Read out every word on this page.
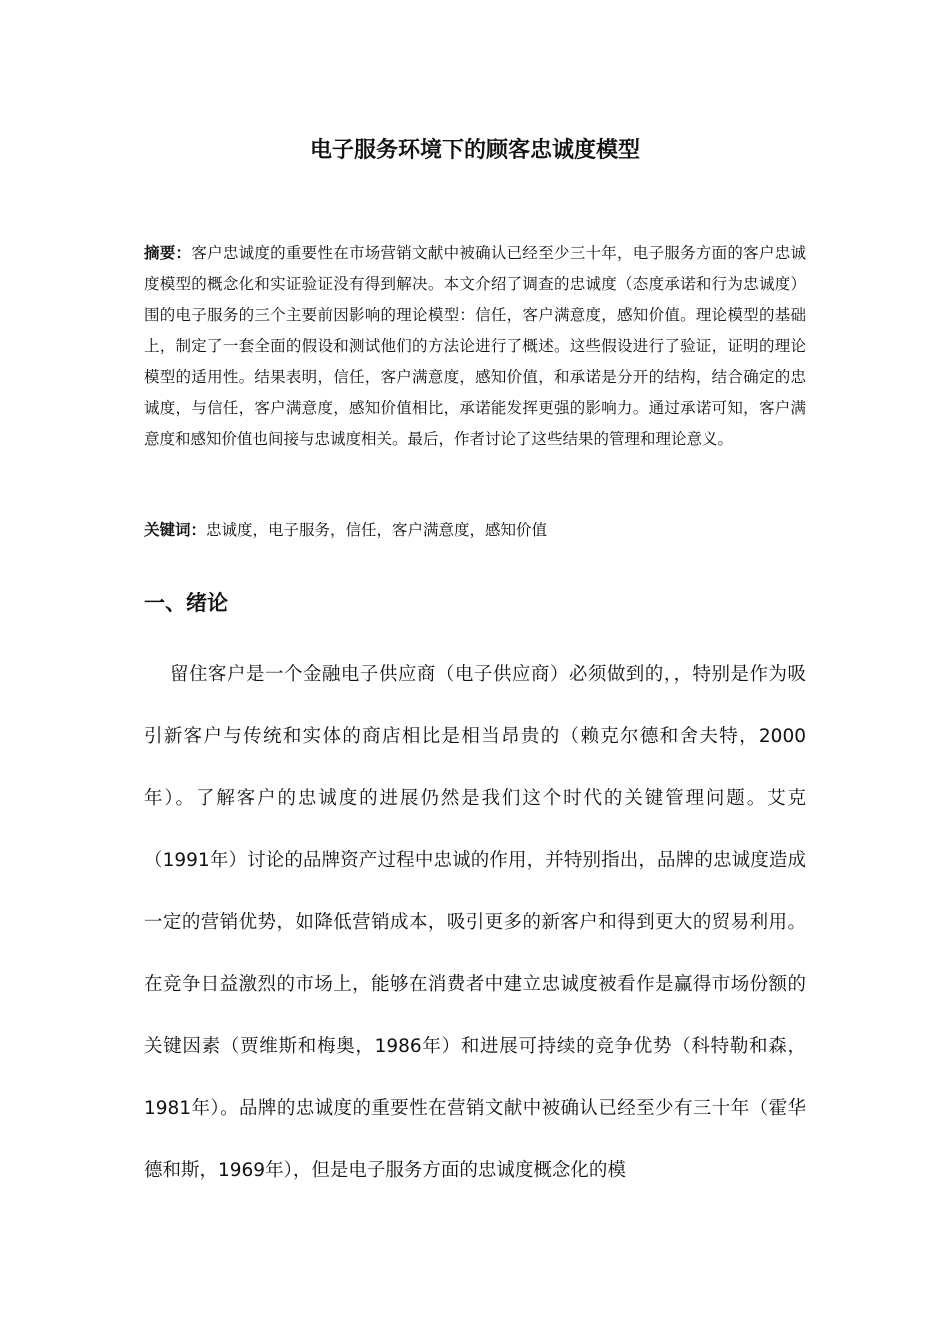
电子服务环境下的顾客忠诚度模型

摘要：客户忠诚度的重要性在市场营销文献中被确认已经至少三十年，电子服务方面的客户忠诚度模型的概念化和实证验证没有得到解决。本文介绍了调查的忠诚度（态度承诺和行为忠诚度）围的电子服务的三个主要前因影响的理论模型：信任，客户满意度，感知价值。理论模型的基础上，制定了一套全面的假设和测试他们的方法论进行了概述。这些假设进行了验证，证明的理论模型的适用性。结果表明，信任，客户满意度，感知价值，和承诺是分开的结构，结合确定的忠诚度，与信任，客户满意度，感知价值相比，承诺能发挥更强的影响力。通过承诺可知，客户满意度和感知价值也间接与忠诚度相关。最后，作者讨论了这些结果的管理和理论意义。

关键词：忠诚度，电子服务，信任，客户满意度，感知价值

一、绪论

留住客户是一个金融电子供应商（电子供应商）必须做到的，，特别是作为吸引新客户与传统和实体的商店相比是相当昂贵的（赖克尔德和舍夫特，2000年）。了解客户的忠诚度的进展仍然是我们这个时代的关键管理问题。艾克（1991年）讨论的品牌资产过程中忠诚的作用，并特别指出，品牌的忠诚度造成一定的营销优势，如降低营销成本，吸引更多的新客户和得到更大的贸易利用。在竞争日益激烈的市场上，能够在消费者中建立忠诚度被看作是赢得市场份额的关键因素（贾维斯和梅奥，1986年）和进展可持续的竞争优势（科特勒和森，1981年）。品牌的忠诚度的重要性在营销文献中被确认已经至少有三十年（霍华德和斯，1969年），但是电子服务方面的忠诚度概念化的模
